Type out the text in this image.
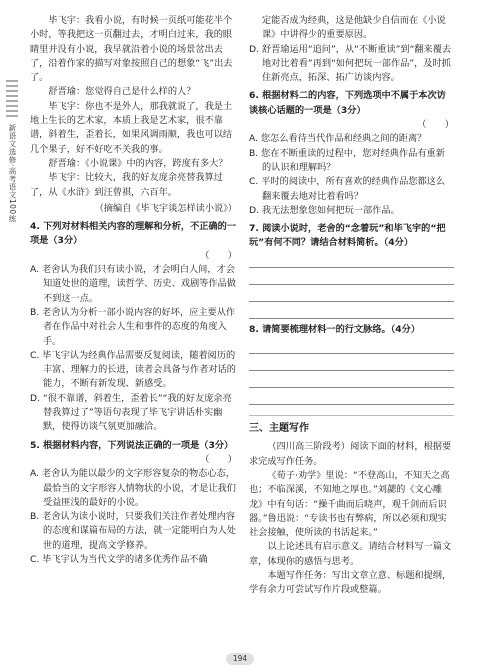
新语文选修·高考语文100练

毕飞宇：我看小说，有时候一页纸可能花半个小时，等我把这一页翻过去，才明白过来，我的眼睛里并没有小说，我早就沿着小说的场景岔出去了，沿着作家的描写对象按照自己的想象“飞”出去了。

舒晋瑜：您觉得自己是什么样的人？

毕飞宇：你也不是外人，那我就说了，我是土地上生长的艺术家，本质上我是艺术家，很不靠谱，斜着生，歪着长，如果风调雨顺，我也可以结几个果子，好不好吃不关我的事。

舒晋瑜：《小说课》中的内容，跨度有多大？

毕飞宇：比较大，我的好友庞余亮替我算过了，从《水浒》到汪曾祺，六百年。

（摘编自《毕飞宇谈怎样读小说》）

4. 下列对材料相关内容的理解和分析，不正确的一项是（3分）

（　　）

A. 老舍认为我们只有读小说，才会明白人间，才会知道处世的道理，读哲学、历史、戏剧等作品做不到这一点。

B. 老舍认为分析一部小说内容的好坏，应主要从作者在作品中对社会人生和事件的态度的角度入手。

C. 毕飞宇认为经典作品需要反复阅读，随着阅历的丰富、理解力的长进，读者会具备与作者对话的能力，不断有新发现、新感受。

D. “很不靠谱，斜着生，歪着长”“我的好友庞余亮替我算过了”等语句表现了毕飞宇讲话朴实幽默，使得访谈气氛更加融洽。

5. 根据材料内容，下列说法正确的一项是（3分）

（　　）

A. 老舍认为能以最少的文字形容复杂的物态心态，最恰当的文字形容人情物状的小说，才是让我们受益匪浅的最好的小说。

B. 老舍认为读小说时，只要我们关注作者处理内容的态度和谋篇布局的方法，就一定能明白为人处世的道理，提高文学修养。

C. 毕飞宇认为当代文学的诸多优秀作品不确

定能否成为经典，这是他缺少自信而在《小说课》中讲得少的重要原因。

D. 舒晋瑜运用“追问”，从“不断重读”到“翻来覆去地对比着看”再到“如何把玩一部作品”，及时抓住新亮点，拓深、拓广访谈内容。

6. 根据材料二的内容，下列选项中不属于本次访谈核心话题的一项是（3分）

（　　）

A. 您怎么看待当代作品和经典之间的距离？

B. 您在不断重读的过程中，您对经典作品有重新的认识和理解吗？

C. 平时的阅读中，所有喜欢的经典作品您都这么翻来覆去地对比着看吗？

D. 我无法想象您如何把玩一部作品。

7. 阅读小说时，老舍的“念着玩”和毕飞宇的“把玩”有何不同？请结合材料简析。（4分）

8. 请简要梳理材料一的行文脉络。（4分）

三、主题写作

（四川高三阶段考）阅读下面的材料，根据要求完成写作任务。

《荀子·劝学》里说：“不登高山，不知天之高也；不临深溪，不知地之厚也。”刘勰的《文心雕龙》中有句话：“操千曲而后晓声，观千剑而后识器。”鲁迅说：“专读书也有弊病，所以必须和现实社会接触，使所读的书活起来。”

以上论述具有启示意义。请结合材料写一篇文章，体现你的感悟与思考。

本题写作任务：写出文章立意、标题和提纲，学有余力可尝试写作片段或整篇。

194
